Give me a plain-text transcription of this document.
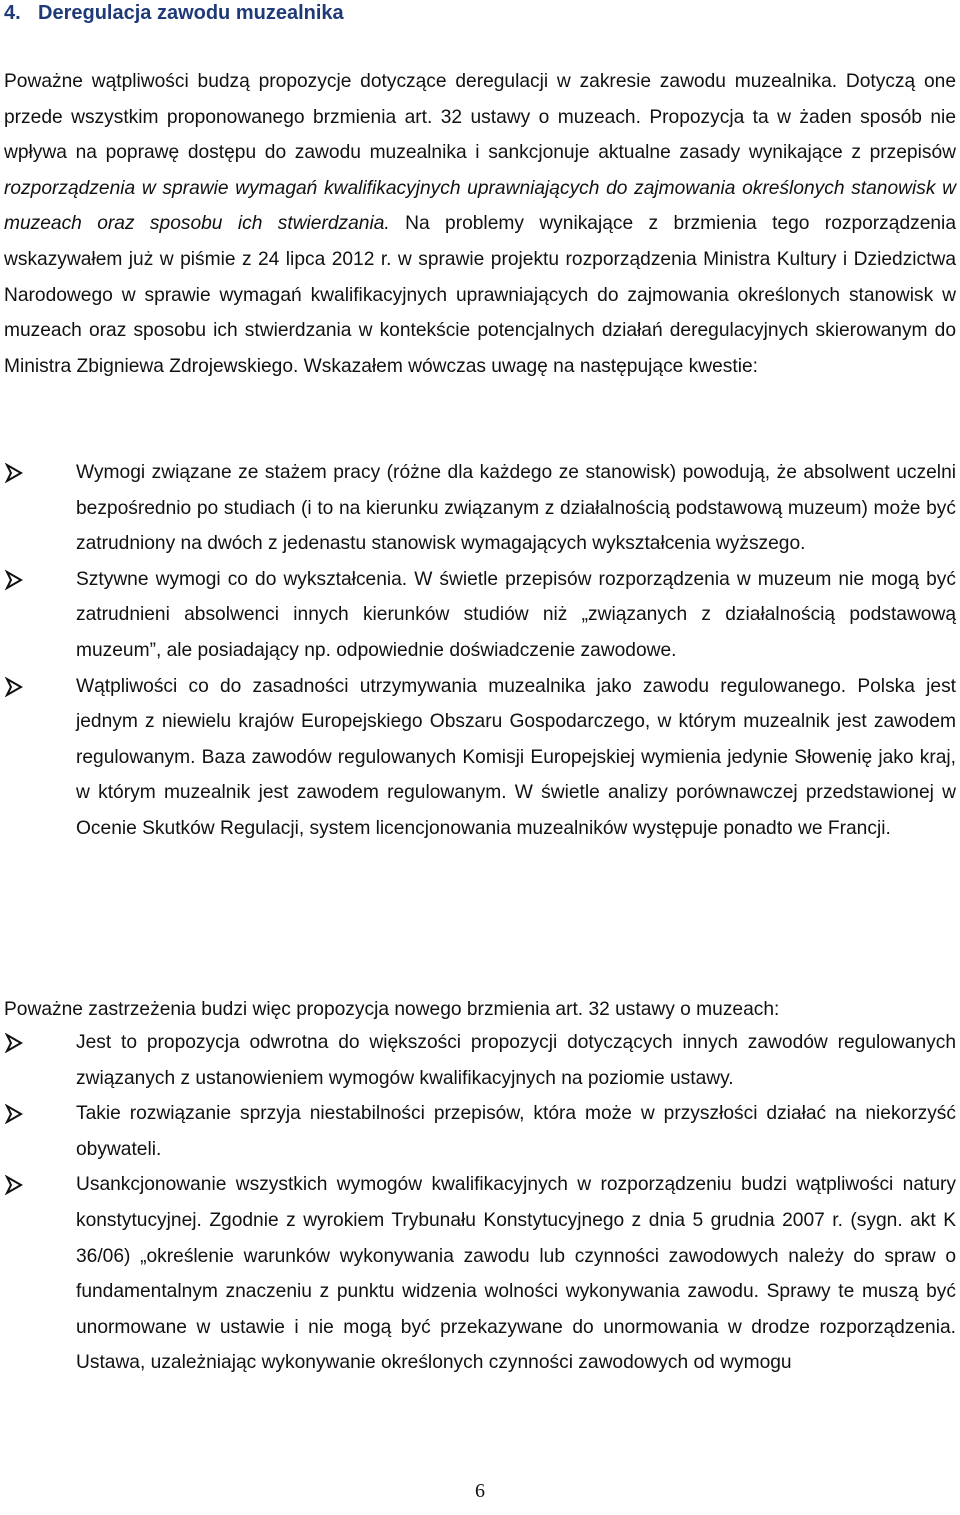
4. Deregulacja zawodu muzealnika

Poważne wątpliwości budzą propozycje dotyczące deregulacji w zakresie zawodu muzealnika. Dotyczą one przede wszystkim proponowanego brzmienia art. 32 ustawy o muzeach. Propozycja ta w żaden sposób nie wpływa na poprawę dostępu do zawodu muzealnika i sankcjonuje aktualne zasady wynikające z przepisów rozporządzenia w sprawie wymagań kwalifikacyjnych uprawniających do zajmowania określonych stanowisk w muzeach oraz sposobu ich stwierdzania. Na problemy wynikające z brzmienia tego rozporządzenia wskazywałem już w piśmie z 24 lipca 2012 r. w sprawie projektu rozporządzenia Ministra Kultury i Dziedzictwa Narodowego w sprawie wymagań kwalifikacyjnych uprawniających do zajmowania określonych stanowisk w muzeach oraz sposobu ich stwierdzania w kontekście potencjalnych działań deregulacyjnych skierowanym do Ministra Zbigniewa Zdrojewskiego. Wskazałem wówczas uwagę na następujące kwestie:

Wymogi związane ze stażem pracy (różne dla każdego ze stanowisk) powodują, że absolwent uczelni bezpośrednio po studiach (i to na kierunku związanym z działalnością podstawową muzeum) może być zatrudniony na dwóch z jedenastu stanowisk wymagających wykształcenia wyższego.
Sztywne wymogi co do wykształcenia. W świetle przepisów rozporządzenia w muzeum nie mogą być zatrudnieni absolwenci innych kierunków studiów niż „związanych z działalnością podstawową muzeum”, ale posiadający np. odpowiednie doświadczenie zawodowe.
Wątpliwości co do zasadności utrzymywania muzealnika jako zawodu regulowanego. Polska jest jednym z niewielu krajów Europejskiego Obszaru Gospodarczego, w którym muzealnik jest zawodem regulowanym. Baza zawodów regulowanych Komisji Europejskiej wymienia jedynie Słowenię jako kraj, w którym muzealnik jest zawodem regulowanym. W świetle analizy porównawczej przedstawionej w Ocenie Skutków Regulacji, system licencjonowania muzealników występuje ponadto we Francji.

Poważne zastrzeżenia budzi więc propozycja nowego brzmienia art. 32 ustawy o muzeach:

Jest to propozycja odwrotna do większości propozycji dotyczących innych zawodów regulowanych związanych z ustanowieniem wymogów kwalifikacyjnych na poziomie ustawy.
Takie rozwiązanie sprzyja niestabilności przepisów, która może w przyszłości działać na niekorzyść obywateli.
Usankcjonowanie wszystkich wymogów kwalifikacyjnych w rozporządzeniu budzi wątpliwości natury konstytucyjnej. Zgodnie z wyrokiem Trybunału Konstytucyjnego z dnia 5 grudnia 2007 r. (sygn. akt K 36/06) „określenie warunków wykonywania zawodu lub czynności zawodowych należy do spraw o fundamentalnym znaczeniu z punktu widzenia wolności wykonywania zawodu. Sprawy te muszą być unormowane w ustawie i nie mogą być przekazywane do unormowania w drodze rozporządzenia. Ustawa, uzależniając wykonywanie określonych czynności zawodowych od wymogu
6
